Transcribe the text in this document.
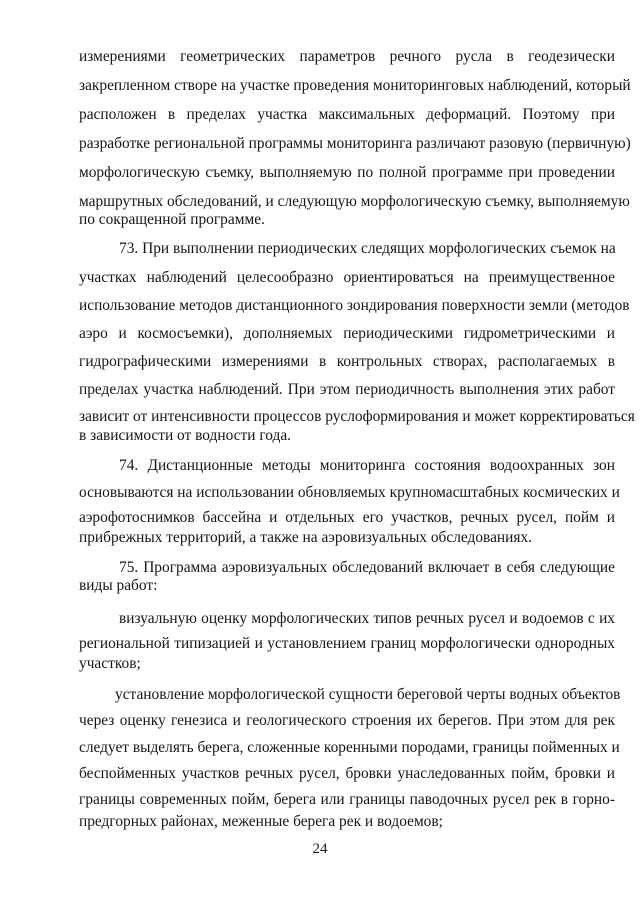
измерениями геометрических параметров речного русла в геодезически
закрепленном створе на участке проведения мониторинговых наблюдений, который
расположен в пределах участка максимальных деформаций. Поэтому при
разработке региональной программы мониторинга различают разовую (первичную)
морфологическую съемку, выполняемую по полной программе при проведении
маршрутных обследований, и следующую морфологическую съемку, выполняемую
по сокращенной программе.
73. При выполнении периодических следящих морфологических съемок на
участках наблюдений целесообразно ориентироваться на преимущественное
использование методов дистанционного зондирования поверхности земли (методов
аэро и космосъемки), дополняемых периодическими гидрометрическими и
гидрографическими измерениями в контрольных створах, располагаемых в
пределах участка наблюдений. При этом периодичность выполнения этих работ
зависит от интенсивности процессов руслоформирования и может корректироваться
в зависимости от водности года.
74. Дистанционные методы мониторинга состояния водоохранных зон
основываются на использовании обновляемых крупномасштабных космических и
аэрофотоснимков бассейна и отдельных его участков, речных русел, пойм и
прибрежных территорий, а также на аэровизуальных обследованиях.
75. Программа аэровизуальных обследований включает в себя следующие
виды работ:
визуальную оценку морфологических типов речных русел и водоемов с их
региональной типизацией и установлением границ морфологически однородных
участков;
установление морфологической сущности береговой черты водных объектов
через оценку генезиса и геологического строения их берегов. При этом для рек
следует выделять берега, сложенные коренными породами, границы пойменных и
беспойменных участков речных русел, бровки унаследованных пойм, бровки и
границы современных пойм, берега или границы паводочных русел рек в горно-
предгорных районах, меженные берега рек и водоемов;
24
